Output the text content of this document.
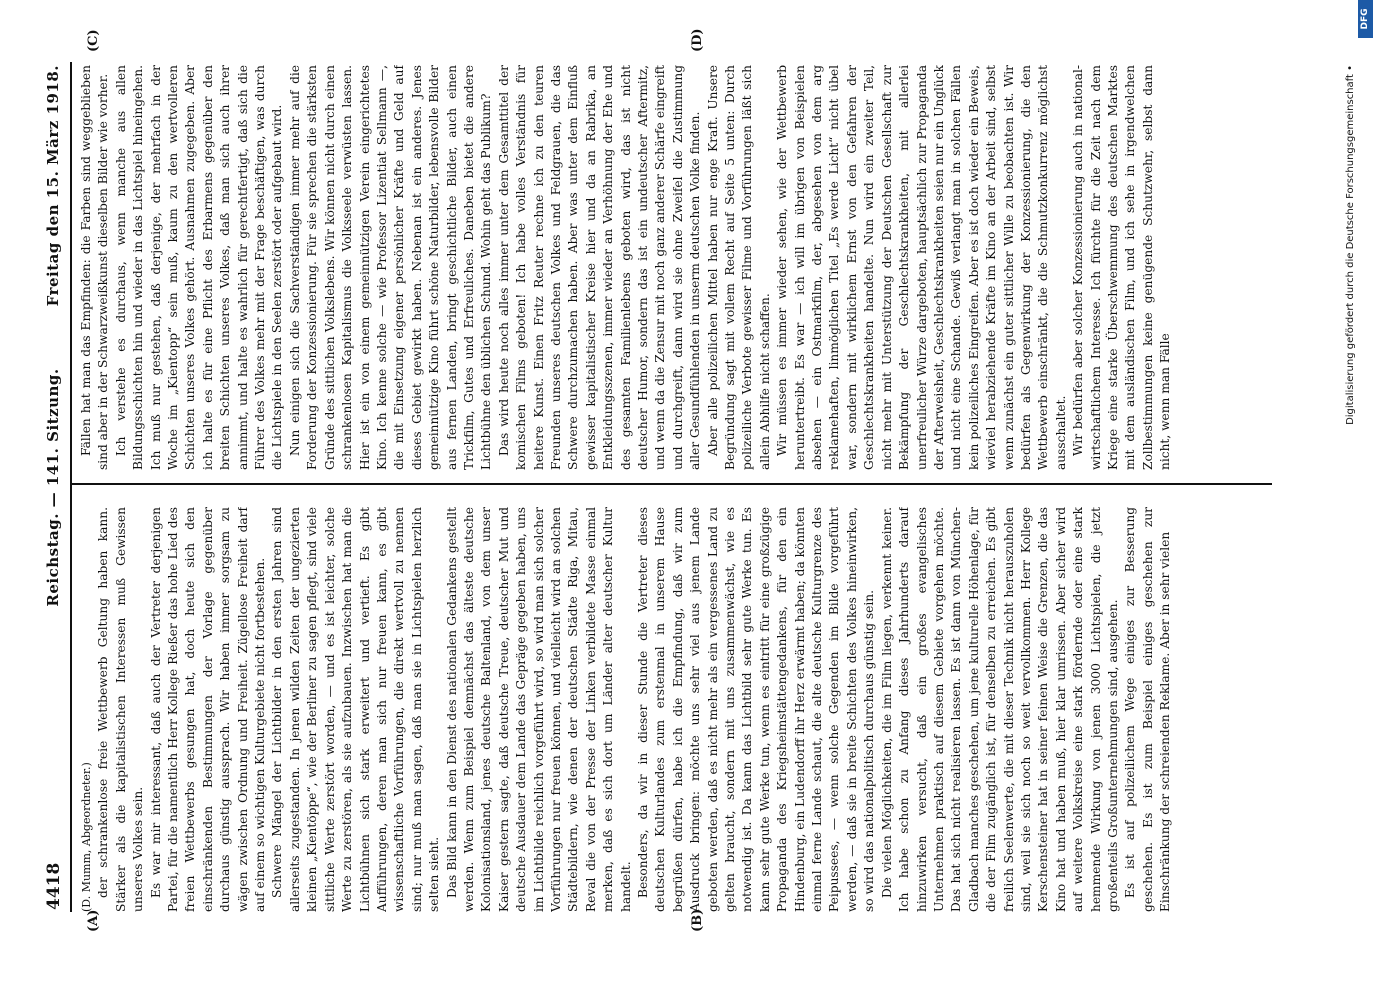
4418
Reichstag. — 141. Sitzung.
Freitag den 15. März 1918.
(A)	(B)
(C)	(D)

(D. Mumm, Abgeordneter.) der schrankenlose freie Wettbewerb Geltung haben kann. Stärker als die kapitalistischen Interessen muß Gewissen unseres Volkes sein. Es war mir interessant, daß auch der Vertreter derjenigen Partei, für die namentlich Herr Kollege Rießer das hohe Lied des freien Wettbewerbs gesungen hat, doch heute sich den einschränkenden Bestimmungen der Vorlage gegenüber durchaus günstig aussprach. Wir haben immer sorgsam zu wägen zwischen Ordnung und Freiheit. Zügellose Freiheit darf auf einem so wichtigen Kulturgebiete nicht fortbestehen. Schwere Mängel der Lichtbilder in den ersten Jahren sind allerseits zugestanden. In jenen wilden Zeiten der ungezierten kleinen „Kientöppe“, wie der Berliner zu sagen pflegt, sind viele sittliche Werte zerstört worden, — und es ist leichter, solche Werte zu zerstören, als sie aufzubauen. Inzwischen hat man die Lichtbühnen sich stark erweitert und vertieft. Es gibt Aufführungen, deren man sich nur freuen kann, es gibt wissenschaftliche Vorführungen, die direkt wertvoll zu nennen sind; nur muß man sagen, daß man sie in Lichtspielen herzlich selten sieht. Das Bild kann in den Dienst des nationalen Gedankens gestellt werden. Wenn zum Beispiel demnächst das älteste deutsche Kolonisationsland, jenes deutsche Baltenland, von dem unser Kaiser gestern sagte, daß deutsche Treue, deutscher Mut und deutsche Ausdauer dem Lande das Gepräge gegeben haben, uns im Lichtbilde reichlich vorgeführt wird, so wird man sich solcher Vorführungen nur freuen können, und vielleicht wird an solchen Städtebildern, wie denen der deutschen Städte Riga, Mitau, Reval die von der Presse der Linken verbildete Masse einmal merken, daß es sich dort um Länder alter deutscher Kultur handelt. Besonders, da wir in dieser Stunde die Vertreter dieses deutschen Kulturlandes zum erstenmal in unserem Hause begrüßen dürfen, habe ich die Empfindung, daß wir zum Ausdruck bringen: möchte uns sehr viel aus jenem Lande geboten werden, daß es nicht mehr als ein vergessenes Land zu gelten braucht, sondern mit uns zusammenwächst, wie es notwendig ist. Da kann das Lichtbild sehr gute Werke tun. Es kann sehr gute Werke tun, wenn es eintritt für eine großzügige Propaganda des Kriegsheimstättengedankens, für den ein Hindenburg, ein Ludendorff ihr Herz erwärmt haben; da könnten einmal ferne Lande schaut, die alte deutsche Kulturgrenze des Peipussees, — wenn solche Gegenden im Bilde vorgeführt werden, — daß sie in breite Schichten des Volkes hineinwirken, so wird das nationalpolitisch durchaus günstig sein. Die vielen Möglichkeiten, die im Film liegen, verkennt keiner. Ich habe schon zu Anfang dieses Jahrhunderts darauf hinzuwirken versucht, daß ein großes evangelisches Unternehmen praktisch auf diesem Gebiete vorgehen möchte. Das hat sich nicht realisieren lassen. Es ist dann von München-Gladbach manches geschehen, um jene kulturelle Höhenlage, für die der Film zugänglich ist, für denselben zu erreichen. Es gibt freilich Seelenwerte, die mit dieser Technik nicht herauszuholen sind, weil sie sich noch so weit vervollkommen. Herr Kollege Kerschensteiner hat in seiner feinen Weise die Grenzen, die das Kino hat und haben muß, hier klar umrissen. Aber sicher wird auf weitere Volkskreise eine stark fördernde oder eine stark hemmende Wirkung von jenen 3000 Lichtspielen, die jetzt großenteils Großunternehmungen sind, ausgehen. Es ist auf polizeilichem Wege einiges zur Besserung geschehen. Es ist zum Beispiel einiges geschehen zur Einschränkung der schreienden Reklame. Aber in sehr vielen

Fällen hat man das Empfinden: die Farben sind weggeblieben sind aber in der Schwarzweißkunst dieselben Bilder wie vorher. Ich verstehe es durchaus, wenn manche aus allen Bildungsschichten hin und wieder in das Lichtspiel hineingehen. Ich muß nur gestehen, daß derjenige, der mehrfach in der Woche im „Kientopp“ sein muß, kaum zu den wertvolleren Schichten unseres Volkes gehört. Ausnahmen zugegeben. Aber ich halte es für eine Pflicht des Erbarmens gegenüber den breiten Schichten unseres Volkes, daß man sich auch ihrer annimmt, und halte es wahrlich für gerechtfertigt, daß sich die Führer des Volkes mehr mit der Frage beschäftigen, was durch die Lichtspiele in den Seelen zerstört oder aufgebaut wird. Nun einigen sich die Sachverständigen immer mehr auf die Forderung der Konzessionierung. Für sie sprechen die stärksten Gründe des sittlichen Volkslebens. Wir können nicht durch einen schrankenlosen Kapitalismus die Volksseele verwüsten lassen. Hier ist ein von einem gemeinnützigen Verein eingerichtetes Kino. Ich kenne solche — wie Professor Lizentiat Sellmann —, die mit Einsetzung eigener persönlicher Kräfte und Geld auf dieses Gebiet gewirkt haben. Nebenan ist ein anderes. Jenes gemeinnützige Kino führt schöne Naturbilder, lebensvolle Bilder aus fernen Landen, bringt geschichtliche Bilder, auch einen Trickfilm, Gutes und Erfreuliches. Daneben bietet die andere Lichtbühne den üblichen Schund. Wohin geht das Publikum? Das wird heute noch alles immer unter dem Gesamttitel der komischen Films geboten! Ich habe volles Verständnis für heitere Kunst. Einen Fritz Reuter rechne ich zu den teuren Freunden unseres deutschen Volkes und Feldgrauen, die das Schwere durchzumachen haben. Aber was unter dem Einfluß gewisser kapitalistischer Kreise hier und da an Rabrika, an Entkleidungsszenen, immer wieder an Verhöhnung der Ehe und des gesamten Familienlebens geboten wird, das ist nicht deutscher Humor, sondern das ist ein undeutscher Aftermitz, und wenn da die Zensur mit noch ganz anderer Schärfe eingreift und durchgreift, dann wird sie ohne Zweifel die Zustimmung aller Gesundfühlenden in unserm deutschen Volke finden. Aber alle polizeilichen Mittel haben nur enge Kraft. Unsere Begründung sagt mit vollem Recht auf Seite 5 unten: Durch polizeiliche Verbote gewisser Filme und Vorführungen läßt sich allein Abhilfe nicht schaffen. Wir müssen es immer wieder sehen, wie der Wettbewerb heruntertreibt. Es war — ich will im übrigen von Beispielen absehen — ein Ostmarkfilm, der, abgesehen von dem arg reklamehaften, linmöglichen Titel „Es werde Licht“ nicht übel war, sondern mit wirklichem Ernst von den Gefahren der Geschlechtskrankheiten handelte. Nun wird ein zweiter Teil, nicht mehr mit Unterstützung der Deutschen Gesellschaft zur Bekämpfung der Geschlechtskrankheiten, mit allerlei unerfreulicher Würze dargeboten, hauptsächlich zur Propaganda der Afterweisheit, Geschlechtskrankheiten seien nur ein Unglück und nicht eine Schande. Gewiß verlangt man in solchen Fällen kein polizeiliches Eingreifen. Aber es ist doch wieder ein Beweis, wieviel herabziehende Kräfte im Kino an der Arbeit sind, selbst wenn zunächst ein guter sittlicher Wille zu beobachten ist. Wir bedürfen als Gegenwirkung der Konzessionierung, die den Wettbewerb einschränkt, die die Schmutzkonkurrenz möglichst ausschaltet. Wir bedürfen aber solcher Konzessionierung auch in national-wirtschaftlichem Interesse. Ich fürchte für die Zeit nach dem Kriege eine starke Überschwemmung des deutschen Marktes mit dem ausländischen Film, und ich sehe in irgendwelchen Zollbestimmungen keine genügende Schutzwehr, selbst dann nicht, wenn man Fälle	Digitalisierung gefördert durch die Deutsche Forschungsgemeinschaft •
DFG
